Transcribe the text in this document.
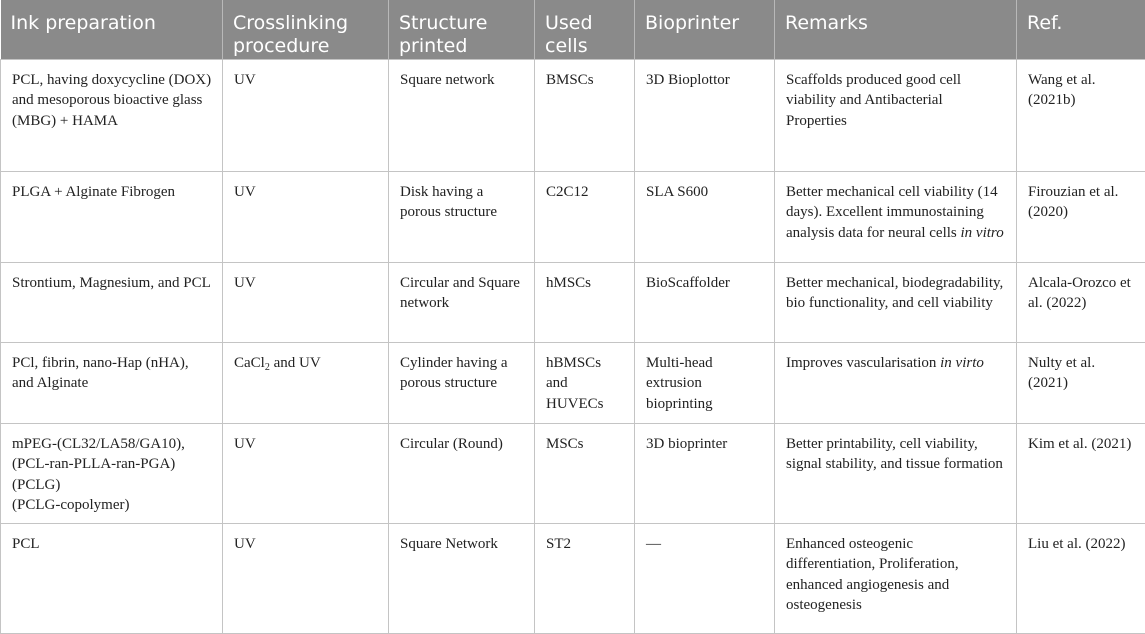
Ink preparation	Crosslinking procedure	Structure printed	Used cells	Bioprinter	Remarks	Ref.
PCL, having doxycycline (DOX) and mesoporous bioactive glass (MBG) + HAMA	UV	Square network	BMSCs	3D Bioplottor	Scaffolds produced good cell viability and Antibacterial Properties	Wang et al. (2021b)
PLGA + Alginate Fibrogen	UV	Disk having a porous structure	C2C12	SLA S600	Better mechanical cell viability (14 days). Excellent immunostaining analysis data for neural cells in vitro	Firouzian et al. (2020)
Strontium, Magnesium, and PCL	UV	Circular and Square network	hMSCs	BioScaffolder	Better mechanical, biodegradability, bio functionality, and cell viability	Alcala-Orozco et al. (2022)
PCl, fibrin, nano-Hap (nHA), and Alginate	CaCl$_2$ and UV	Cylinder having a porous structure	hBMSCs and HUVECs	Multi-head extrusion bioprinting	Improves vascularisation in virto	Nulty et al. (2021)

mPEG-(CL32/LA58/GA10),
(PCL-ran-PLLA-ran-PGA)
(PCLG)
(PCLG-copolymer)	UV	Circular (Round)	MSCs	3D bioprinter	Better printability, cell viability, signal stability, and tissue formation	Kim et al. (2021)
PCL	UV	Square Network	ST2	—	Enhanced osteogenic differentiation, Proliferation, enhanced angiogenesis and osteogenesis	Liu et al. (2022)
